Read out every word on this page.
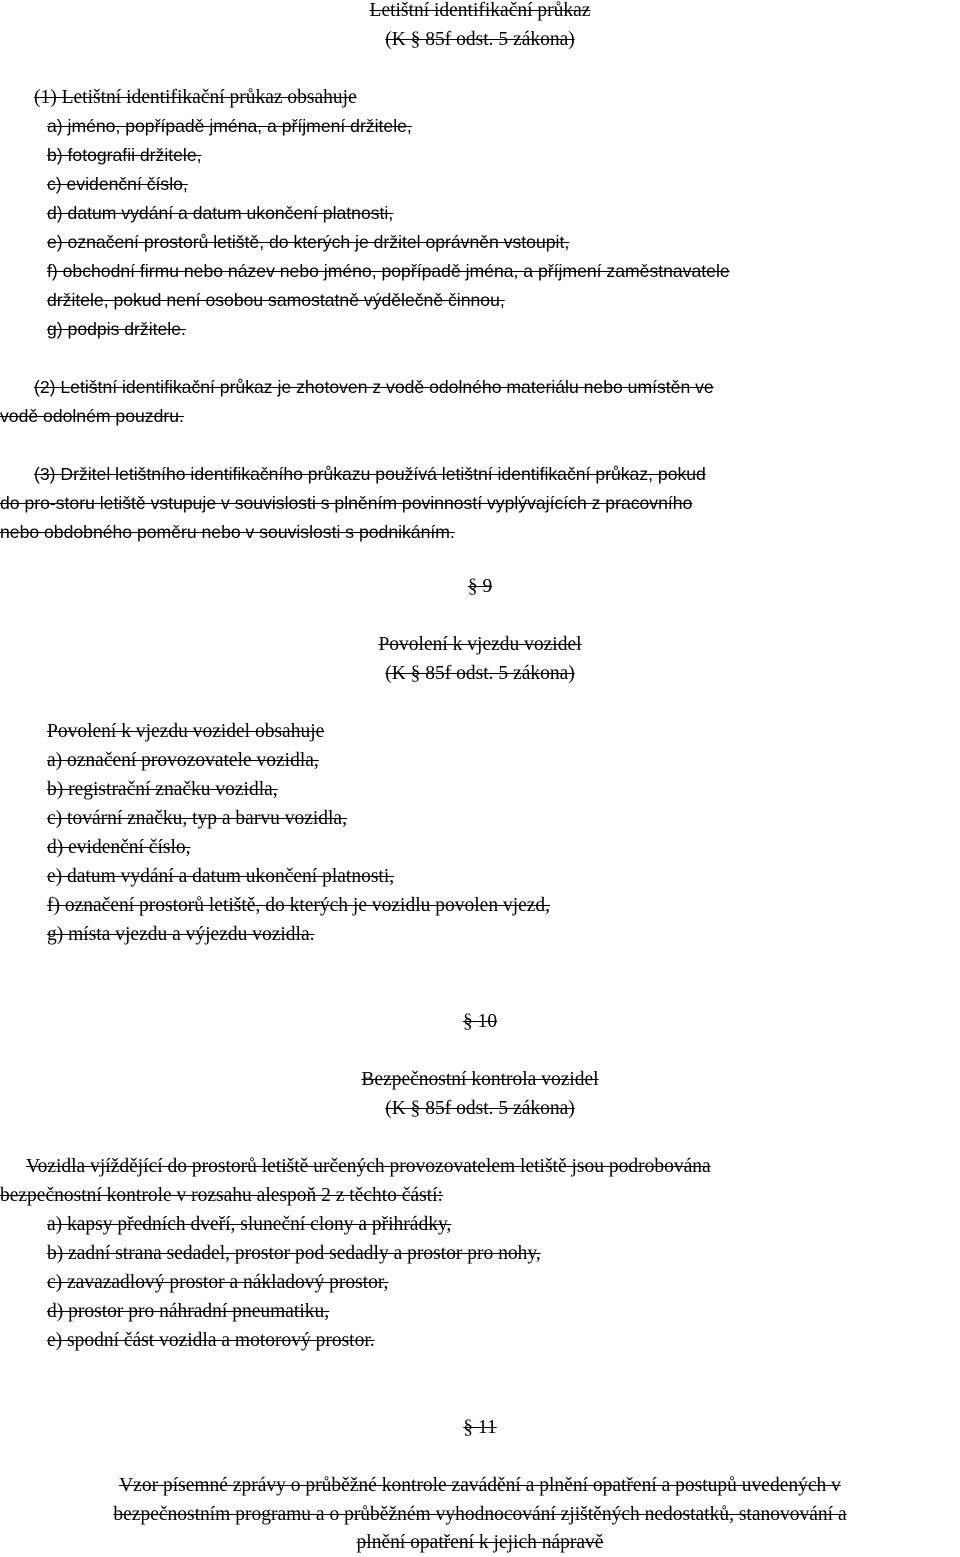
Letištní identifikační průkaz
(K § 85f odst. 5 zákona)
(1) Letištní identifikační průkaz obsahuje
a) jméno, popřípadě jména, a příjmení držitele,
b) fotografii držitele,
c) evidenční číslo,
d) datum vydání a datum ukončení platnosti,
e) označení prostorů letiště, do kterých je držitel oprávněn vstoupit,
f) obchodní firmu nebo název nebo jméno, popřípadě jména, a příjmení zaměstnavatele
držitele, pokud není osobou samostatně výdělečně činnou,
g) podpis držitele.
(2) Letištní identifikační průkaz je zhotoven z vodě odolného materiálu nebo umístěn ve
vodě odolném pouzdru.
(3) Držitel letištního identifikačního průkazu používá letištní identifikační průkaz, pokud
do pro-storu letiště vstupuje v souvislosti s plněním povinností vyplývajících z pracovního
nebo obdobného poměru nebo v souvislosti s podnikáním.
§ 9
Povolení k vjezdu vozidel
(K § 85f odst. 5 zákona)
Povolení k vjezdu vozidel obsahuje
a) označení provozovatele vozidla,
b) registrační značku vozidla,
c) tovární značku, typ a barvu vozidla,
d) evidenční číslo,
e) datum vydání a datum ukončení platnosti,
f) označení prostorů letiště, do kterých je vozidlu povolen vjezd,
g) místa vjezdu a výjezdu vozidla.
§ 10
Bezpečnostní kontrola vozidel
(K § 85f odst. 5 zákona)
Vozidla vjíždějící do prostorů letiště určených provozovatelem letiště jsou podrobována
bezpečnostní kontrole v rozsahu alespoň 2 z těchto částí:
a) kapsy předních dveří, sluneční clony a přihrádky,
b) zadní strana sedadel, prostor pod sedadly a prostor pro nohy,
c) zavazadlový prostor a nákladový prostor,
d) prostor pro náhradní pneumatiku,
e) spodní část vozidla a motorový prostor.
§ 11
Vzor písemné zprávy o průběžné kontrole zavádění a plnění opatření a postupů uvedených v
bezpečnostním programu a o průběžném vyhodnocování zjištěných nedostatků, stanovování a
plnění opatření k jejich nápravě
